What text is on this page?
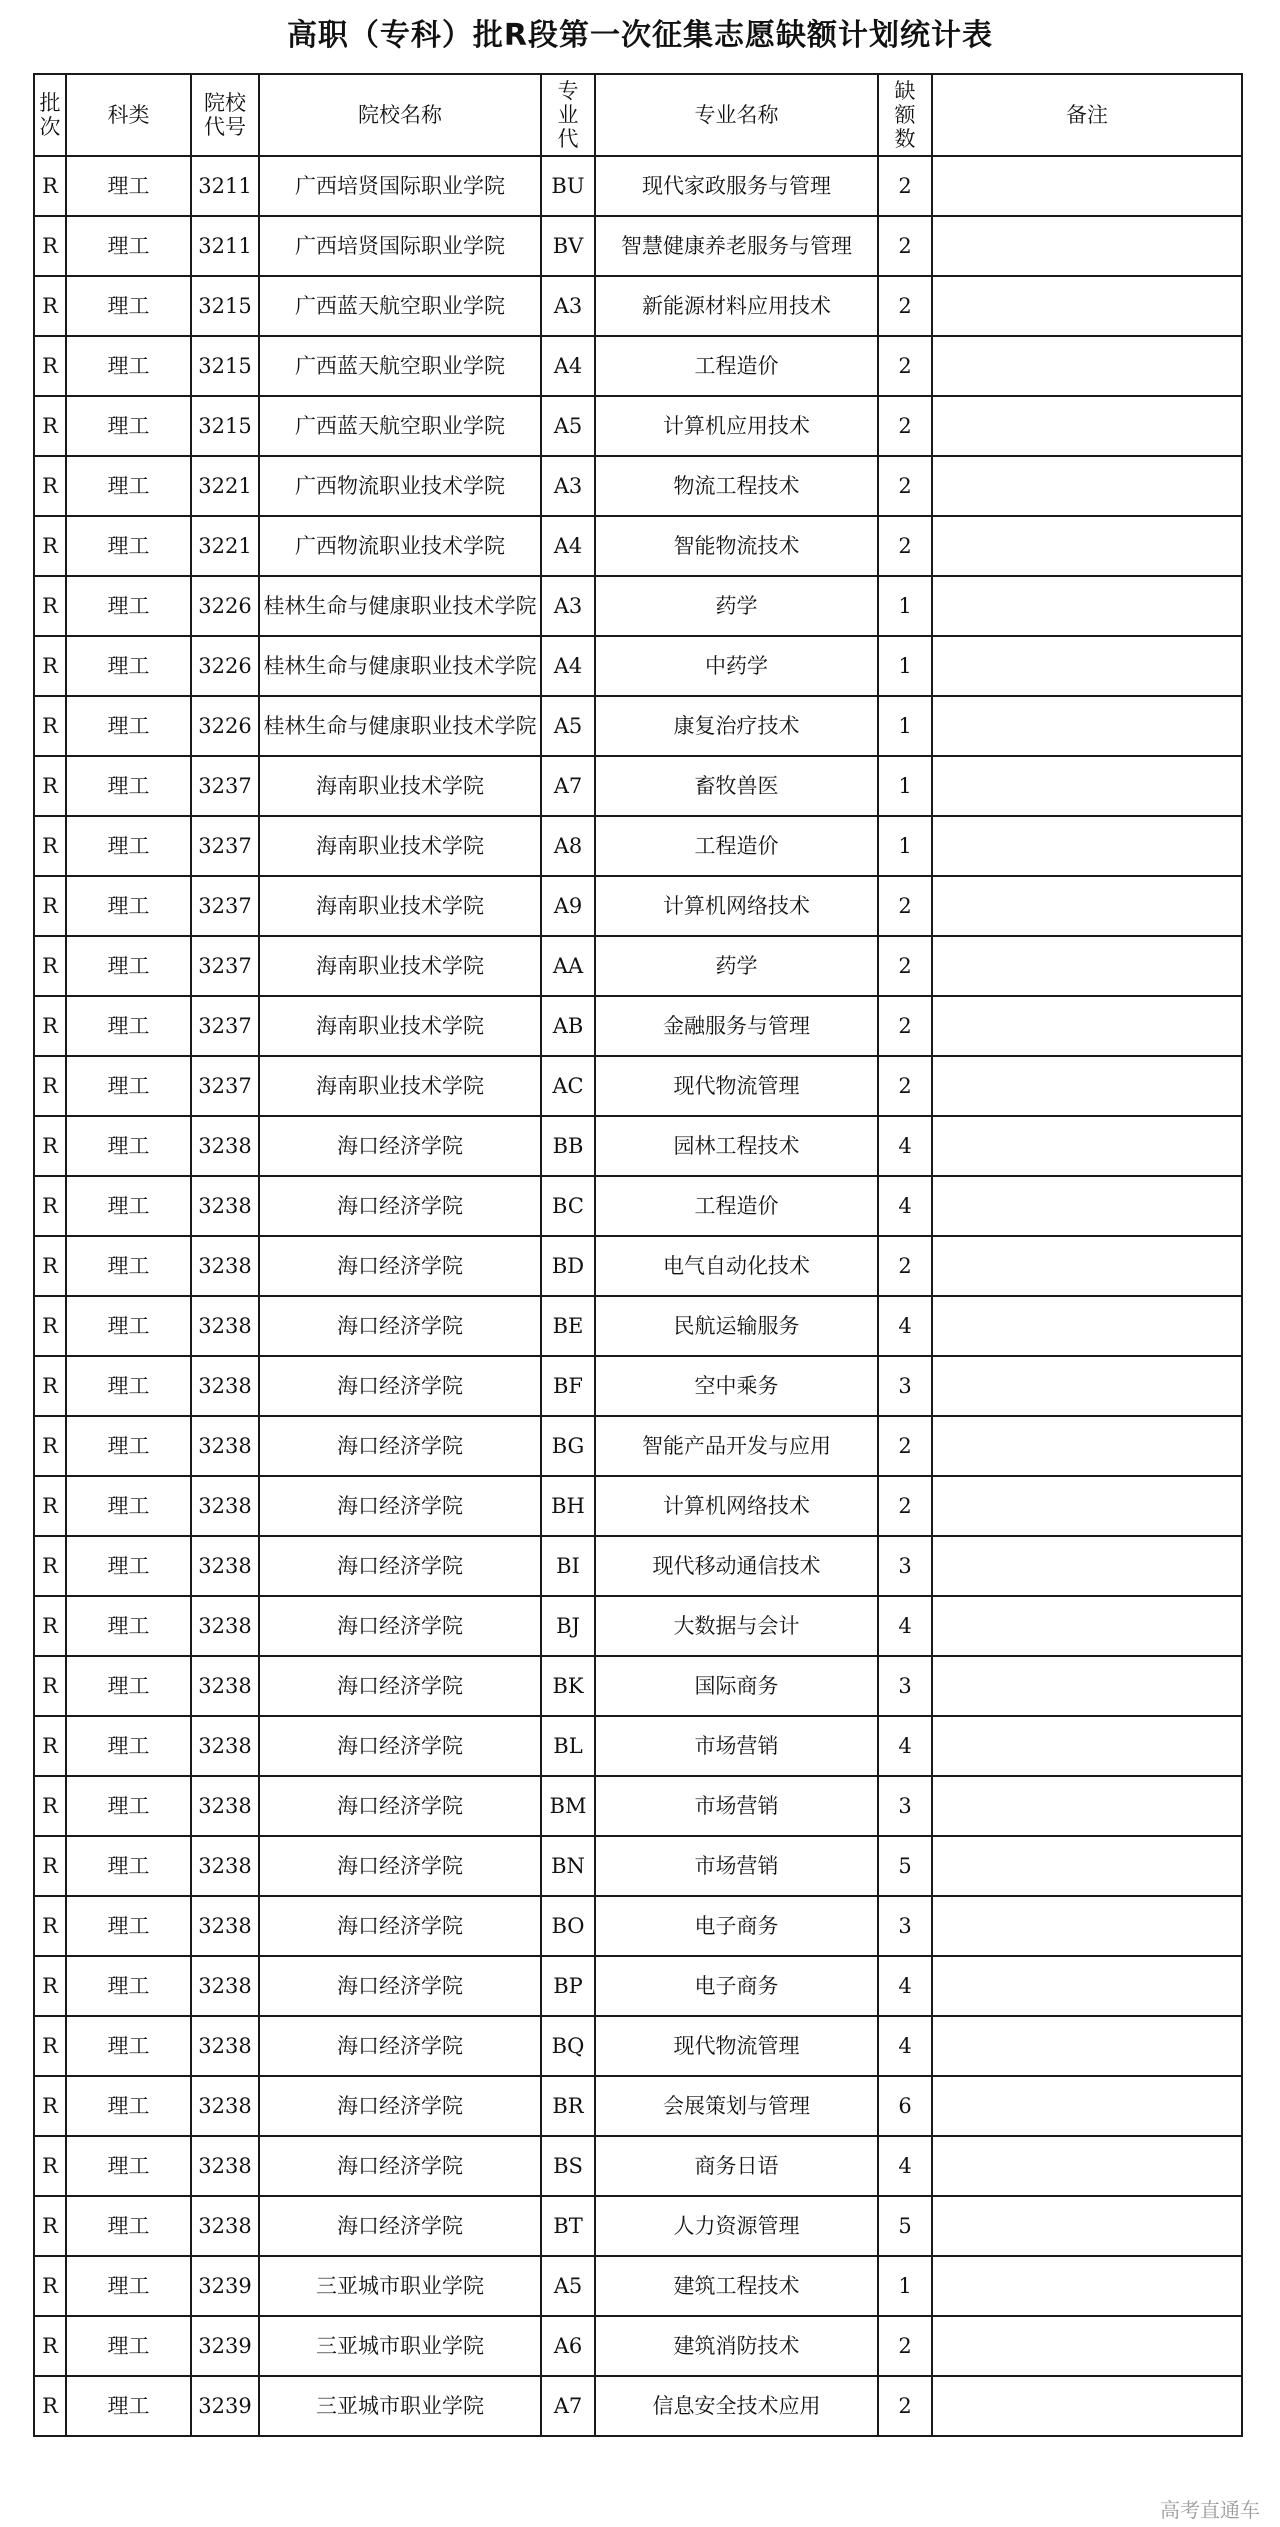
高职（专科）批R段第一次征集志愿缺额计划统计表
批次	科类	院校代号	院校名称	专业代	专业名称	缺额数	备注
R	理工	3211	广西培贤国际职业学院	BU	现代家政服务与管理	2	
R	理工	3211	广西培贤国际职业学院	BV	智慧健康养老服务与管理	2	
R	理工	3215	广西蓝天航空职业学院	A3	新能源材料应用技术	2	
R	理工	3215	广西蓝天航空职业学院	A4	工程造价	2	
R	理工	3215	广西蓝天航空职业学院	A5	计算机应用技术	2	
R	理工	3221	广西物流职业技术学院	A3	物流工程技术	2	
R	理工	3221	广西物流职业技术学院	A4	智能物流技术	2	
R	理工	3226	桂林生命与健康职业技术学院	A3	药学	1	
R	理工	3226	桂林生命与健康职业技术学院	A4	中药学	1	
R	理工	3226	桂林生命与健康职业技术学院	A5	康复治疗技术	1	
R	理工	3237	海南职业技术学院	A7	畜牧兽医	1	
R	理工	3237	海南职业技术学院	A8	工程造价	1	
R	理工	3237	海南职业技术学院	A9	计算机网络技术	2	
R	理工	3237	海南职业技术学院	AA	药学	2	
R	理工	3237	海南职业技术学院	AB	金融服务与管理	2	
R	理工	3237	海南职业技术学院	AC	现代物流管理	2	
R	理工	3238	海口经济学院	BB	园林工程技术	4	
R	理工	3238	海口经济学院	BC	工程造价	4	
R	理工	3238	海口经济学院	BD	电气自动化技术	2	
R	理工	3238	海口经济学院	BE	民航运输服务	4	
R	理工	3238	海口经济学院	BF	空中乘务	3	
R	理工	3238	海口经济学院	BG	智能产品开发与应用	2	
R	理工	3238	海口经济学院	BH	计算机网络技术	2	
R	理工	3238	海口经济学院	BI	现代移动通信技术	3	
R	理工	3238	海口经济学院	BJ	大数据与会计	4	
R	理工	3238	海口经济学院	BK	国际商务	3	
R	理工	3238	海口经济学院	BL	市场营销	4	
R	理工	3238	海口经济学院	BM	市场营销	3	
R	理工	3238	海口经济学院	BN	市场营销	5	
R	理工	3238	海口经济学院	BO	电子商务	3	
R	理工	3238	海口经济学院	BP	电子商务	4	
R	理工	3238	海口经济学院	BQ	现代物流管理	4	
R	理工	3238	海口经济学院	BR	会展策划与管理	6	
R	理工	3238	海口经济学院	BS	商务日语	4	
R	理工	3238	海口经济学院	BT	人力资源管理	5	
R	理工	3239	三亚城市职业学院	A5	建筑工程技术	1	
R	理工	3239	三亚城市职业学院	A6	建筑消防技术	2	
R	理工	3239	三亚城市职业学院	A7	信息安全技术应用	2	
高考直通车
